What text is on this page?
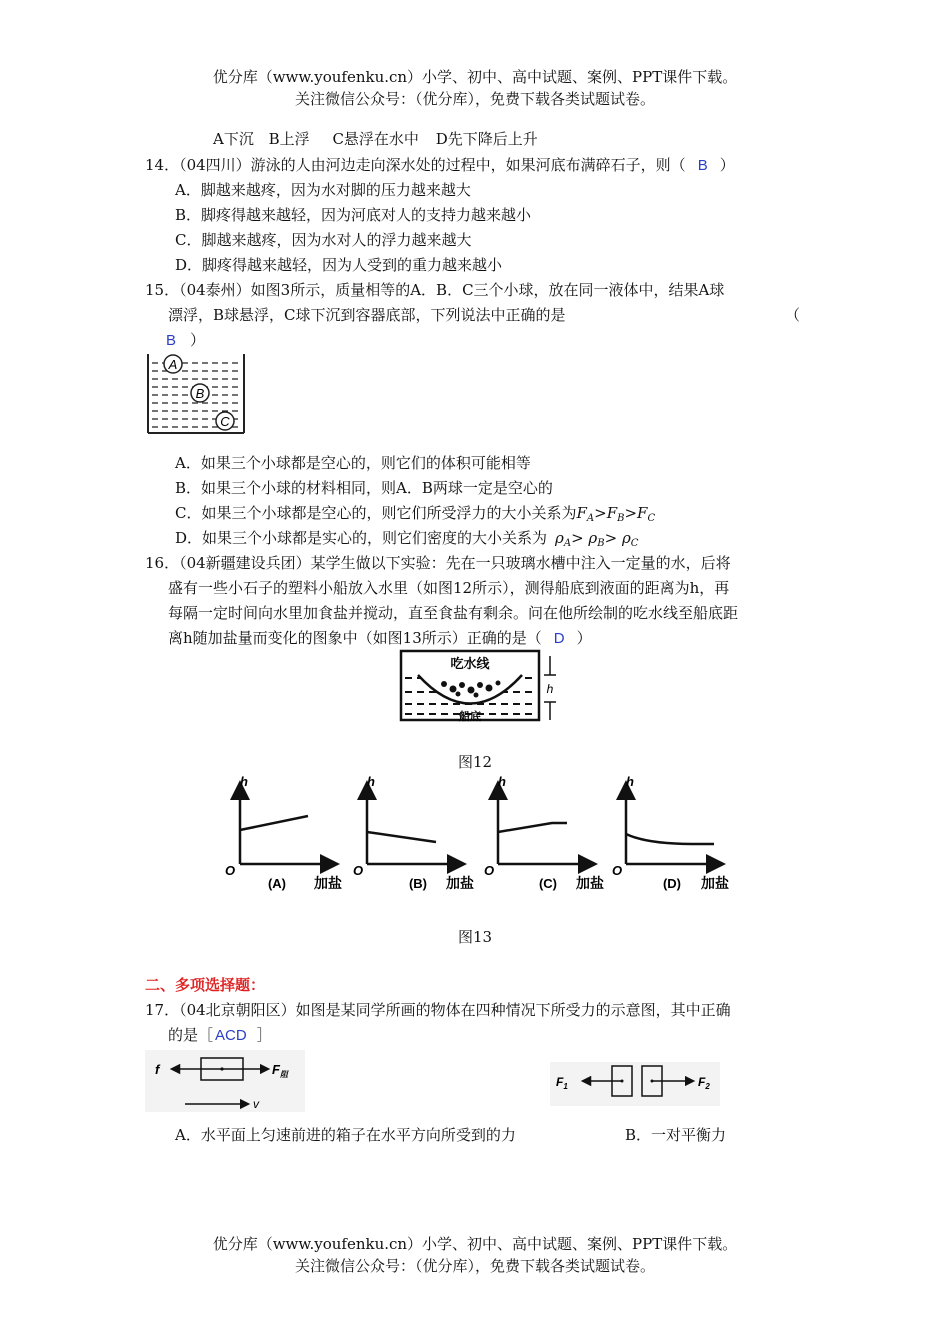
优分库（www.youfenku.cn）小学、初中、高中试题、案例、PPT课件下载。
关注微信公众号：（优分库），免费下载各类试题试卷。
A下沉 B上浮 C悬浮在水中 D先下降后上升
14．（04四川）游泳的人由河边走向深水处的过程中，如果河底布满碎石子，则（ B ）
A．脚越来越疼，因为水对脚的压力越来越大
B．脚疼得越来越轻，因为河底对人的支持力越来越小
C．脚越来越疼，因为水对人的浮力越来越大
D．脚疼得越来越轻，因为人受到的重力越来越小
15．（04泰州）如图3所示，质量相等的A．B．C三个小球，放在同一液体中，结果A球
漂浮，B球悬浮，C球下沉到容器底部，下列说法中正确的是	（
B ）
A
B
C
A．如果三个小球都是空心的，则它们的体积可能相等
B．如果三个小球的材料相同，则A．B两球一定是空心的
C．如果三个小球都是空心的，则它们所受浮力的大小关系为$F_A>F_B>F_C$
D．如果三个小球都是实心的，则它们密度的大小关系为 $\rho_A> \rho_B> \rho_C$
16．（04新疆建设兵团）某学生做以下实验：先在一只玻璃水槽中注入一定量的水，后将
盛有一些小石子的塑料小船放入水里（如图12所示），测得船底到液面的距离为h，再
每隔一定时间向水里加食盐并搅动，直至食盐有剩余。问在他所绘制的吃水线至船底距
离h随加盐量而变化的图象中（如图13所示）正确的是（ D ）
吃水线
船底
h
图12
h
O
(A) 加盐
h
O
(B) 加盐
h
O
(C) 加盐
h
O
(D) 加盐
图13
二、多项选择题：
17．（04北京朝阳区）如图是某同学所画的物体在四种情况下所受力的示意图，其中正确
的是［ ACD ］
f	$F_阻$
v
$F_1$	$F_2$
A．水平面上匀速前进的箱子在水平方向所受到的力	B．一对平衡力
优分库（www.youfenku.cn）小学、初中、高中试题、案例、PPT课件下载。
关注微信公众号：（优分库），免费下载各类试题试卷。
